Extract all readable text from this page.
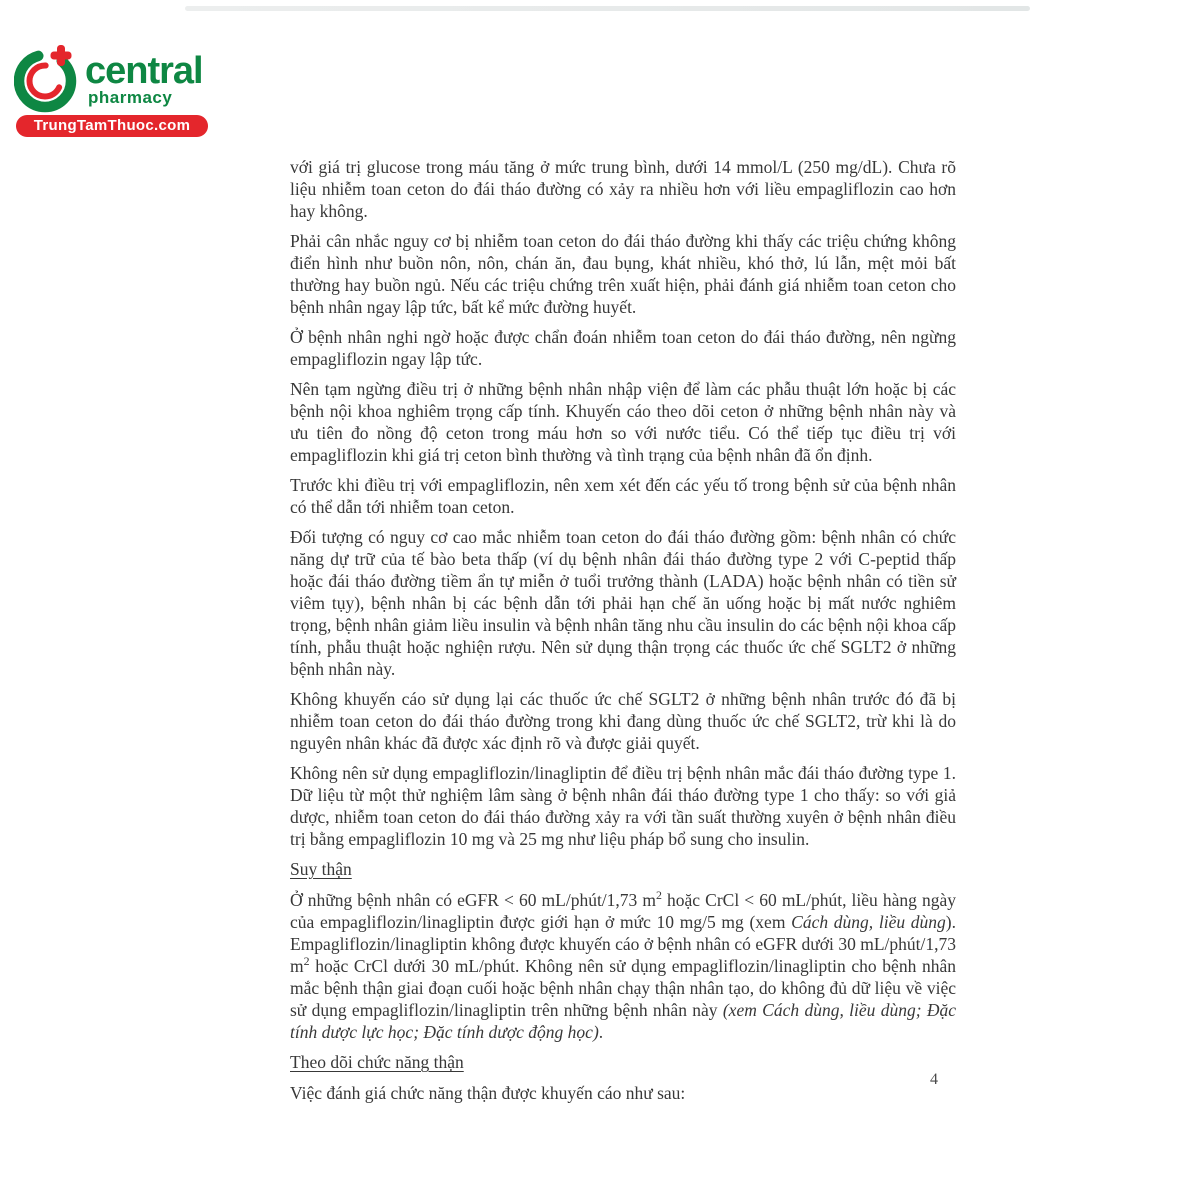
central
pharmacy
TrungTamThuoc.com

với giá trị glucose trong máu tăng ở mức trung bình, dưới 14 mmol/L (250 mg/dL). Chưa rõ liệu nhiễm toan ceton do đái tháo đường có xảy ra nhiều hơn với liều empagliflozin cao hơn hay không.

Phải cân nhắc nguy cơ bị nhiễm toan ceton do đái tháo đường khi thấy các triệu chứng không điển hình như buồn nôn, nôn, chán ăn, đau bụng, khát nhiều, khó thở, lú lẫn, mệt mỏi bất thường hay buồn ngủ. Nếu các triệu chứng trên xuất hiện, phải đánh giá nhiễm toan ceton cho bệnh nhân ngay lập tức, bất kể mức đường huyết.

Ở bệnh nhân nghi ngờ hoặc được chẩn đoán nhiễm toan ceton do đái tháo đường, nên ngừng empagliflozin ngay lập tức.

Nên tạm ngừng điều trị ở những bệnh nhân nhập viện để làm các phẫu thuật lớn hoặc bị các bệnh nội khoa nghiêm trọng cấp tính. Khuyến cáo theo dõi ceton ở những bệnh nhân này và ưu tiên đo nồng độ ceton trong máu hơn so với nước tiểu. Có thể tiếp tục điều trị với empagliflozin khi giá trị ceton bình thường và tình trạng của bệnh nhân đã ổn định.

Trước khi điều trị với empagliflozin, nên xem xét đến các yếu tố trong bệnh sử của bệnh nhân có thể dẫn tới nhiễm toan ceton.

Đối tượng có nguy cơ cao mắc nhiễm toan ceton do đái tháo đường gồm: bệnh nhân có chức năng dự trữ của tế bào beta thấp (ví dụ bệnh nhân đái tháo đường type 2 với C-peptid thấp hoặc đái tháo đường tiềm ẩn tự miễn ở tuổi trưởng thành (LADA) hoặc bệnh nhân có tiền sử viêm tụy), bệnh nhân bị các bệnh dẫn tới phải hạn chế ăn uống hoặc bị mất nước nghiêm trọng, bệnh nhân giảm liều insulin và bệnh nhân tăng nhu cầu insulin do các bệnh nội khoa cấp tính, phẫu thuật hoặc nghiện rượu. Nên sử dụng thận trọng các thuốc ức chế SGLT2 ở những bệnh nhân này.

Không khuyến cáo sử dụng lại các thuốc ức chế SGLT2 ở những bệnh nhân trước đó đã bị nhiễm toan ceton do đái tháo đường trong khi đang dùng thuốc ức chế SGLT2, trừ khi là do nguyên nhân khác đã được xác định rõ và được giải quyết.

Không nên sử dụng empagliflozin/linagliptin để điều trị bệnh nhân mắc đái tháo đường type 1. Dữ liệu từ một thử nghiệm lâm sàng ở bệnh nhân đái tháo đường type 1 cho thấy: so với giả dược, nhiễm toan ceton do đái tháo đường xảy ra với tần suất thường xuyên ở bệnh nhân điều trị bằng empagliflozin 10 mg và 25 mg như liệu pháp bổ sung cho insulin.

Suy thận

Ở những bệnh nhân có eGFR < 60 mL/phút/1,73 $m^2$ hoặc CrCl < 60 mL/phút, liều hàng ngày của empagliflozin/linagliptin được giới hạn ở mức 10 mg/5 mg (xem Cách dùng, liều dùng). Empagliflozin/linagliptin không được khuyến cáo ở bệnh nhân có eGFR dưới 30 mL/phút/1,73 $m^2$ hoặc CrCl dưới 30 mL/phút. Không nên sử dụng empagliflozin/linagliptin cho bệnh nhân mắc bệnh thận giai đoạn cuối hoặc bệnh nhân chạy thận nhân tạo, do không đủ dữ liệu về việc sử dụng empagliflozin/linagliptin trên những bệnh nhân này (xem Cách dùng, liều dùng; Đặc tính dược lực học; Đặc tính dược động học).

Theo dõi chức năng thận

Việc đánh giá chức năng thận được khuyến cáo như sau:

4
